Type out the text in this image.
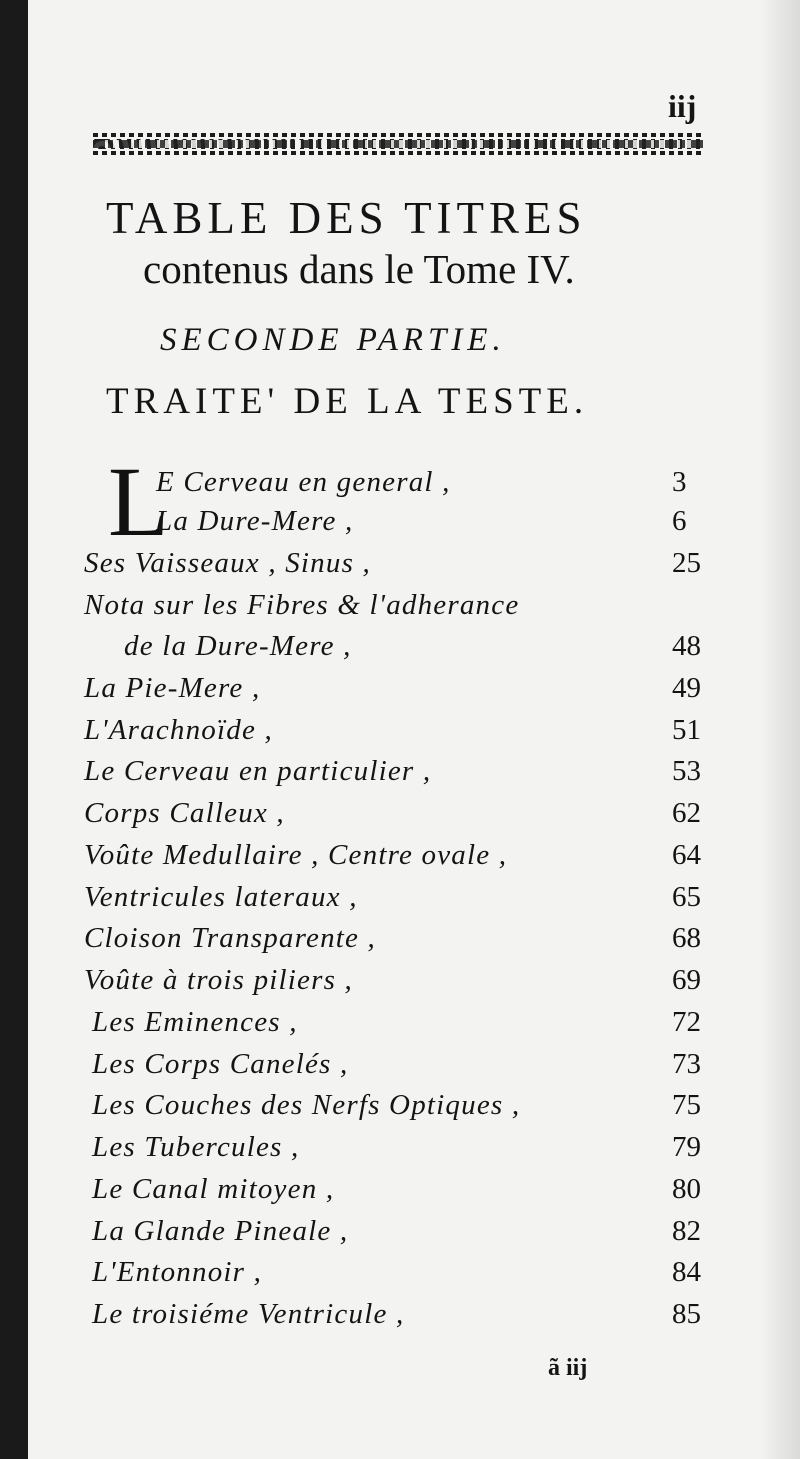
iij
TABLE DES TITRES
contenus dans le Tome IV.
SECONDE PARTIE.
TRAITE' DE LA TESTE.
L
E Cerveau en general ,	3
La Dure-Mere ,	6
Ses Vaisseaux , Sinus ,	25
Nota sur les Fibres & l'adherance
de la Dure-Mere ,	48
La Pie-Mere ,	49
L'Arachnoïde ,	51
Le Cerveau en particulier ,	53
Corps Calleux ,	62
Voûte Medullaire , Centre ovale ,	64
Ventricules lateraux ,	65
Cloison Transparente ,	68
Voûte à trois piliers ,	69
Les Eminences ,	72
Les Corps Canelés ,	73
Les Couches des Nerfs Optiques ,	75
Les Tubercules ,	79
Le Canal mitoyen ,	80
La Glande Pineale ,	82
L'Entonnoir ,	84
Le troisiéme Ventricule ,	85
ã iij
